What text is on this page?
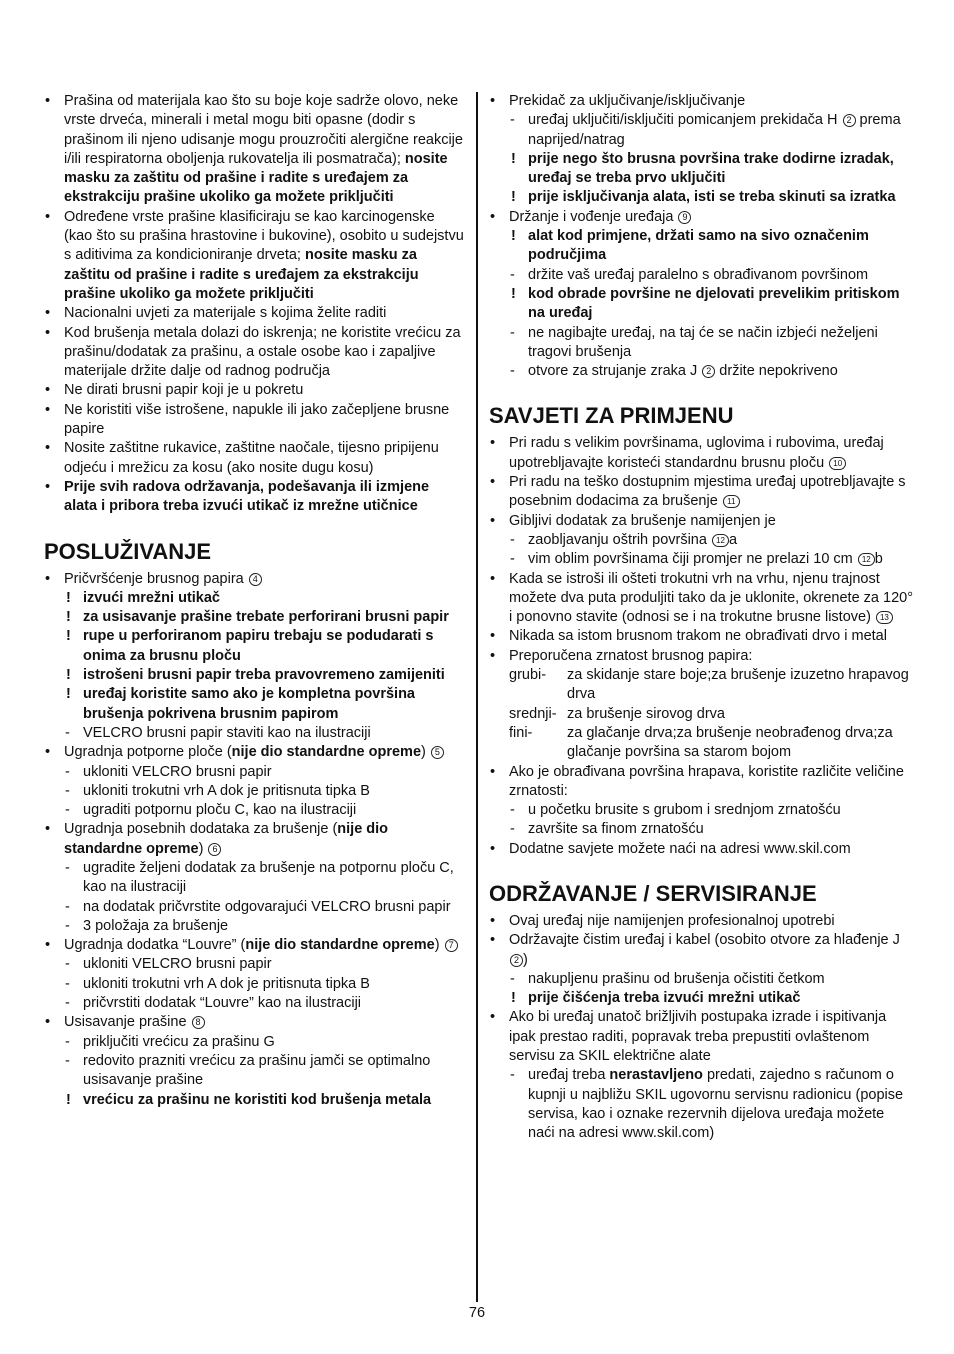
• Prašina od materijala kao što su boje koje sadrže olovo, neke vrste drveća, minerali i metal mogu biti opasne (dodir s prašinom ili njeno udisanje mogu prouzročiti alergične reakcije i/ili respiratorna oboljenja rukovatelja ili posmatrača); nosite masku za zaštitu od prašine i radite s uređajem za ekstrakciju prašine ukoliko ga možete priključiti
• Određene vrste prašine klasificiraju se kao karcinogenske (kao što su prašina hrastovine i bukovine), osobito u sudejstvu s aditivima za kondicioniranje drveta; nosite masku za zaštitu od prašine i radite s uređajem za ekstrakciju prašine ukoliko ga možete priključiti
• Nacionalni uvjeti za materijale s kojima želite raditi
• Kod brušenja metala dolazi do iskrenja; ne koristite vrećicu za prašinu/dodatak za prašinu, a ostale osobe kao i zapaljive materijale držite dalje od radnog područja
• Ne dirati brusni papir koji je u pokretu
• Ne koristiti više istrošene, napukle ili jako začepljene brusne papire
• Nosite zaštitne rukavice, zaštitne naočale, tijesno pripijenu odjeću i mrežicu za kosu (ako nosite dugu kosu)
• Prije svih radova održavanja, podešavanja ili izmjene alata i pribora treba izvući utikač iz mrežne utičnice
POSLUŽIVANJE
• Pričvršćenje brusnog papira 4
! izvući mrežni utikač
! za usisavanje prašine trebate perforirani brusni papir
! rupe u perforiranom papiru trebaju se podudarati s onima za brusnu ploču
! istrošeni brusni papir treba pravovremeno zamijeniti
! uređaj koristite samo ako je kompletna površina brušenja pokrivena brusnim papirom
- VELCRO brusni papir staviti kao na ilustraciji
• Ugradnja potporne ploče (nije dio standardne opreme) 5
- ukloniti VELCRO brusni papir
- ukloniti trokutni vrh A dok je pritisnuta tipka B
- ugraditi potpornu ploču C, kao na ilustraciji
• Ugradnja posebnih dodataka za brušenje (nije dio standardne opreme) 6
- ugradite željeni dodatak za brušenje na potpornu ploču C, kao na ilustraciji
- na dodatak pričvrstite odgovarajući VELCRO brusni papir
- 3 položaja za brušenje
• Ugradnja dodatka “Louvre” (nije dio standardne opreme) 7
- ukloniti VELCRO brusni papir
- ukloniti trokutni vrh A dok je pritisnuta tipka B
- pričvrstiti dodatak “Louvre” kao na ilustraciji
• Usisavanje prašine 8
- priključiti vrećicu za prašinu G
- redovito prazniti vrećicu za prašinu jamči se optimalno usisavanje prašine
! vrećicu za prašinu ne koristiti kod brušenja metala
• Prekidač za uključivanje/isključivanje
- uređaj uključiti/isključiti pomicanjem prekidača H 2 prema naprijed/natrag
! prije nego što brusna površina trake dodirne izradak, uređaj se treba prvo uključiti
! prije isključivanja alata, isti se treba skinuti sa izratka
• Držanje i vođenje uređaja 9
! alat kod primjene, držati samo na sivo označenim područjima
- držite vaš uređaj paralelno s obrađivanom površinom
! kod obrade površine ne djelovati prevelikim pritiskom na uređaj
- ne nagibajte uređaj, na taj će se način izbjeći neželjeni tragovi brušenja
- otvore za strujanje zraka J 2 držite nepokriveno
SAVJETI ZA PRIMJENU
• Pri radu s velikim površinama, uglovima i rubovima, uređaj upotrebljavajte koristeći standardnu brusnu ploču 10
• Pri radu na teško dostupnim mjestima uređaj upotrebljavajte s posebnim dodacima za brušenje 11
• Gibljivi dodatak za brušenje namijenjen je
- zaobljavanju oštrih površina 12 a
- vim oblim površinama čiji promjer ne prelazi 10 cm 12 b
• Kada se istroši ili ošteti trokutni vrh na vrhu, njenu trajnost možete dva puta produljiti tako da je uklonite, okrenete za 120° i ponovno stavite (odnosi se i na trokutne brusne listove) 13
• Nikada sa istom brusnom trakom ne obrađivati drvo i metal
• Preporučena zrnatost brusnog papira:
grubi- za skidanje stare boje;za brušenje izuzetno hrapavog drva
srednji- za brušenje sirovog drva
fini- za glačanje drva;za brušenje neobrađenog drva;za glačanje površina sa starom bojom
• Ako je obrađivana površina hrapava, koristite različite veličine zrnatosti:
- u početku brusite s grubom i srednjom zrnatošću
- završite sa finom zrnatošću
• Dodatne savjete možete naći na adresi www.skil.com
ODRŽAVANJE / SERVISIRANJE
• Ovaj uređaj nije namijenjen profesionalnoj upotrebi
• Održavajte čistim uređaj i kabel (osobito otvore za hlađenje J 2 )
- nakupljenu prašinu od brušenja očistiti četkom
! prije čišćenja treba izvući mrežni utikač
• Ako bi uređaj unatoč brižljivih postupaka izrade i ispitivanja ipak prestao raditi, popravak treba prepustiti ovlaštenom servisu za SKIL električne alate
- uređaj treba nerastavljeno predati, zajedno s računom o kupnji u najbližu SKIL ugovornu servisnu radionicu (popise servisa, kao i oznake rezervnih dijelova uređaja možete naći na adresi www.skil.com)
76
